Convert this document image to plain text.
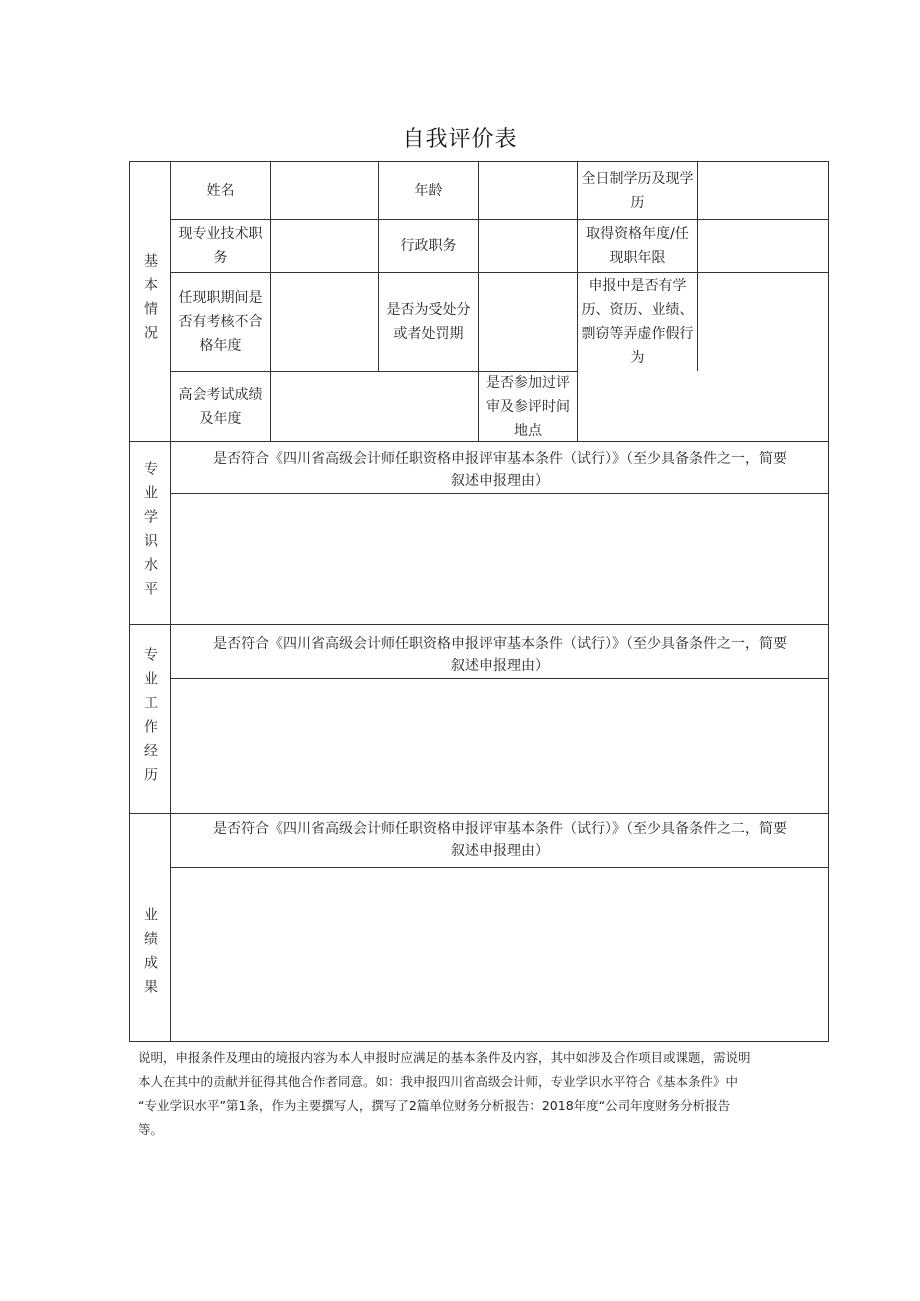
自我评价表
基本情况
姓名	年龄
全日制学历及现学历
现专业技术职务
行政职务
取得资格年度/任现职年限
任现职期间是否有考核不合格年度
是否为受处分或者处罚期
申报中是否有学历、资历、业绩、剽窃等弄虚作假行为
高会考试成绩及年度
是否参加过评审及参评时间地点
专业学识水平
是否符合《四川省高级会计师任职资格申报评审基本条件（试行）》（至少具备条件之一，简要
叙述申报理由）
专业工作经历
是否符合《四川省高级会计师任职资格申报评审基本条件（试行）》（至少具备条件之一，简要
叙述申报理由）
业绩成果
是否符合《四川省高级会计师任职资格申报评审基本条件（试行）》（至少具备条件之二，简要
叙述申报理由）

说明，申报条件及理由的境报内容为本人申报时应满足的基本条件及内容，其中如涉及合作项目或课题，需说明

本人在其中的贡献并征得其他合作者同意。如：我申报四川省高级会计师，专业学识水平符合《基本条件》中

“专业学识水平”第1条，作为主要撰写人，撰写了2篇单位财务分析报告：2018年度“公司年度财务分析报告

等。
